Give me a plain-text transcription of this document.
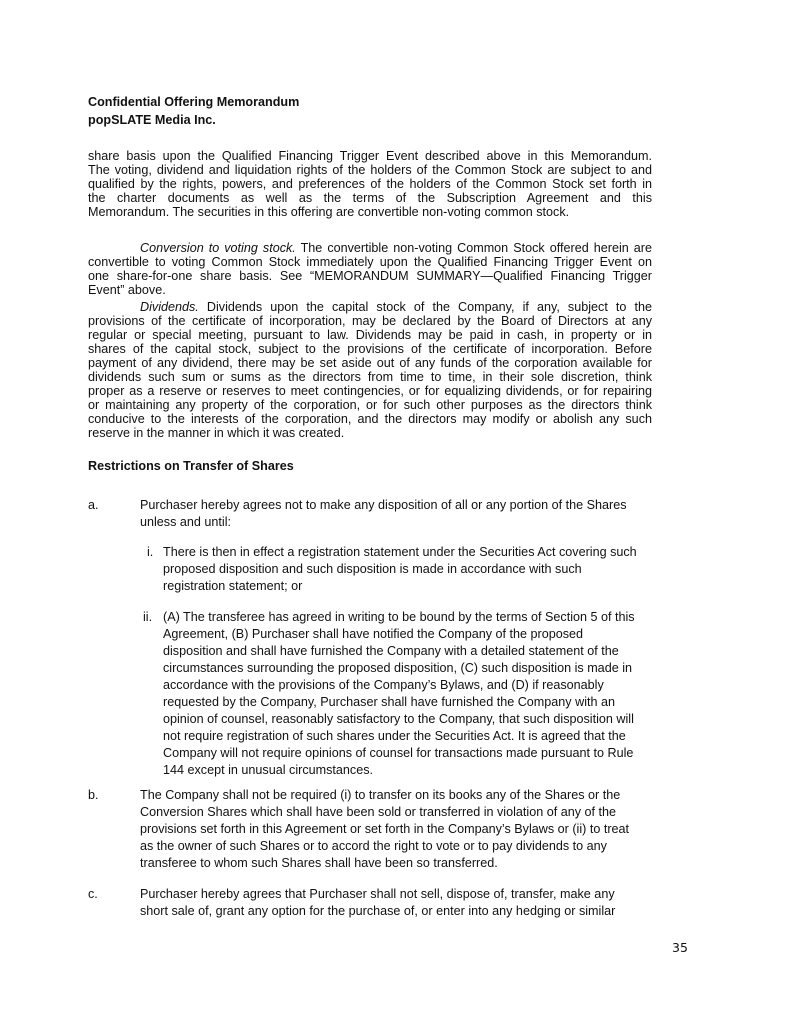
Confidential Offering Memorandum
popSLATE Media Inc.
share basis upon the Qualified Financing Trigger Event described above in this Memorandum.
The voting, dividend and liquidation rights of the holders of the Common Stock are subject to and
qualified by the rights, powers, and preferences of the holders of the Common Stock set forth in
the charter documents as well as the terms of the Subscription Agreement and this
Memorandum. The securities in this offering are convertible non-voting common stock.
Conversion to voting stock. The convertible non-voting Common Stock offered herein are
convertible to voting Common Stock immediately upon the Qualified Financing Trigger Event on
one share-for-one share basis. See “MEMORANDUM SUMMARY—Qualified Financing Trigger
Event” above.
Dividends. Dividends upon the capital stock of the Company, if any, subject to the
provisions of the certificate of incorporation, may be declared by the Board of Directors at any
regular or special meeting, pursuant to law. Dividends may be paid in cash, in property or in
shares of the capital stock, subject to the provisions of the certificate of incorporation. Before
payment of any dividend, there may be set aside out of any funds of the corporation available for
dividends such sum or sums as the directors from time to time, in their sole discretion, think
proper as a reserve or reserves to meet contingencies, or for equalizing dividends, or for repairing
or maintaining any property of the corporation, or for such other purposes as the directors think
conducive to the interests of the corporation, and the directors may modify or abolish any such
reserve in the manner in which it was created.
Restrictions on Transfer of Shares
a.	Purchaser hereby agrees not to make any disposition of all or any portion of the Shares
unless and until:
i. There is then in effect a registration statement under the Securities Act covering such
proposed disposition and such disposition is made in accordance with such
registration statement; or
ii. (A) The transferee has agreed in writing to be bound by the terms of Section 5 of this
Agreement, (B) Purchaser shall have notified the Company of the proposed
disposition and shall have furnished the Company with a detailed statement of the
circumstances surrounding the proposed disposition, (C) such disposition is made in
accordance with the provisions of the Company’s Bylaws, and (D) if reasonably
requested by the Company, Purchaser shall have furnished the Company with an
opinion of counsel, reasonably satisfactory to the Company, that such disposition will
not require registration of such shares under the Securities Act. It is agreed that the
Company will not require opinions of counsel for transactions made pursuant to Rule
144 except in unusual circumstances.
b.	The Company shall not be required (i) to transfer on its books any of the Shares or the
Conversion Shares which shall have been sold or transferred in violation of any of the
provisions set forth in this Agreement or set forth in the Company’s Bylaws or (ii) to treat
as the owner of such Shares or to accord the right to vote or to pay dividends to any
transferee to whom such Shares shall have been so transferred.
c.	Purchaser hereby agrees that Purchaser shall not sell, dispose of, transfer, make any
short sale of, grant any option for the purchase of, or enter into any hedging or similar
35
